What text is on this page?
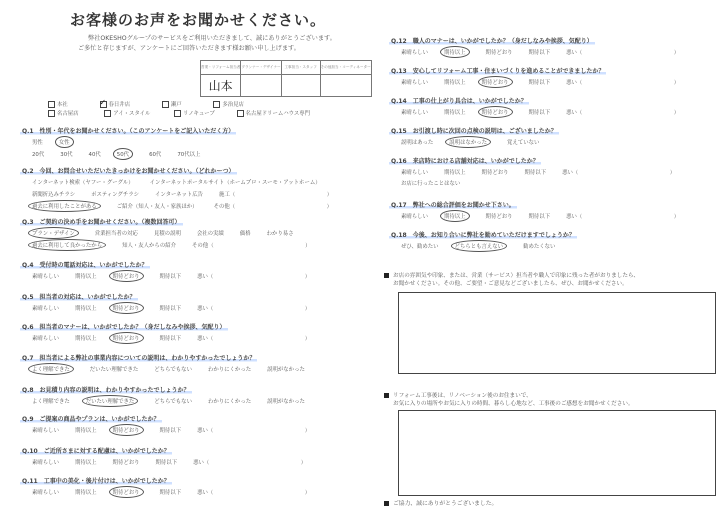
お客様のお声をお聞かせください。
弊社OKESHOグループのサービスをご利用いただきまして、誠にありがとうございます。
ご多忙と存じますが、アンケートにご回答いただきます様お願い申し上げます。
営業・リフォーム担当者	プランナー・デザイナー	工事担当・スタッフ	その他担当・コーディネーター
山本			
本社	✓ 春日井店	瀬戸	多治見店
名古屋店	アイ・スタイル	リノキューブ	名古屋ドリームハウス専門
Q.1　性別・年代をお聞かせください。（このアンケートをご記入いただく方）
男性	女性
20代	30代	40代	50代	60代	70代以上
Q.2　今回、お問合せいただいたきっかけをお聞かせください。（どれかーつ）
インターネット検索（ヤフー・グーグル）	インターネットポータルサイト（ホームプロ・スーモ・アットホーム）
新聞折込みチラシ	ポスティングチラシ	インターネット広告	施工（	　　　　　　　　　　　　　　）
過去に利用したことがある	ご紹介（知人・友人・家族ほか）	その他（	　　　　　　　　　　　　　　）
Q.3　ご契約の決め手をお聞かせください。（複数回答可）
プラン・デザイン	営業担当者の対応	見積の説明	会社の実績	価格	わかり易さ
過去に利用して良かったから	知人・友人からの紹介	その他（	　　　　　　　　　　　　　　）
Q.4　受付時の電話対応は、いかがでしたか？
素晴らしい	期待以上	期待どおり	期待以下	悪い（	　　　　　　　　　　　　　　）
Q.5　担当者の対応は、いかがでしたか？
素晴らしい	期待以上	期待どおり	期待以下	悪い（	　　　　　　　　　　　　　　）
Q.6　担当者のマナーは、いかがでしたか？（身だしなみや挨拶、気配り）
素晴らしい	期待以上	期待どおり	期待以下	悪い（	　　　　　　　　　　　　　　）
Q.7　担当者による弊社の事業内容についての説明は、わかりやすかったでしょうか？
よく理解できた	だいたい理解できた	どちらでもない	わかりにくかった	説明がなかった
Q.8　お見積り内容の説明は、わかりやすかったでしょうか？
よく理解できた	だいたい理解できた	どちらでもない	わかりにくかった	説明がなかった
Q.9　ご提案の商品やプランは、いかがでしたか？
素晴らしい	期待以上	期待どおり	期待以下	悪い（	　　　　　　　　　　　　　　）
Q.10　ご近所さまに対する配慮は、いかがでしたか？
素晴らしい	期待以上	期待どおり	期待以下	悪い（	　　　　　　　　　　　　　　）
Q.11　工事中の美化・後片付けは、いかがでしたか？
素晴らしい	期待以上	期待どおり	期待以下	悪い（	　　　　　　　　　　　　　　）
Q.12　職人のマナーは、いかがでしたか？（身だしなみや挨拶、気配り）
素晴らしい	期待以上	期待どおり	期待以下	悪い（	　　　　　　　　　　　　　　）
Q.13　安心してリフォーム工事・住まいづくりを進めることができましたか？
素晴らしい	期待以上	期待どおり	期待以下	悪い（	　　　　　　　　　　　　　　）
Q.14　工事の仕上がり具合は、いかがでしたか？
素晴らしい	期待以上	期待どおり	期待以下	悪い（	　　　　　　　　　　　　　　）
Q.15　お引渡し時に次回の点検の説明は、ございましたか？
説明はあった	説明はなかった	覚えていない
Q.16　来店時における店舗対応は、いかがでしたか？
素晴らしい	期待以上	期待どおり	期待以下	悪い（	　　　　　　　　　　　　　　）
お店に行ったことはない
Q.17　弊社への総合評価をお聞かせ下さい。
素晴らしい	期待以上	期待どおり	期待以下	悪い（	　　　　　　　　　　　　　　）
Q.18　今後、お知り合いに弊社を勧めていただけますでしょうか？
ぜひ、勧めたい	どちらとも言えない	勧めたくない
お店の雰囲気や印象、または、営業（サービス）担当者や職人で印象に残った者がおりましたら、
お聞かせください。その他、ご要望・ご意見などございましたら、ぜひ、お聞かせください。
リフォーム工事後は、リノベーション後のお住まいで、
お気に入りの場所やお気に入りの時間、暮らし心地など、工事後のご感想をお聞かせください。
ご協力、誠にありがとうございました。
